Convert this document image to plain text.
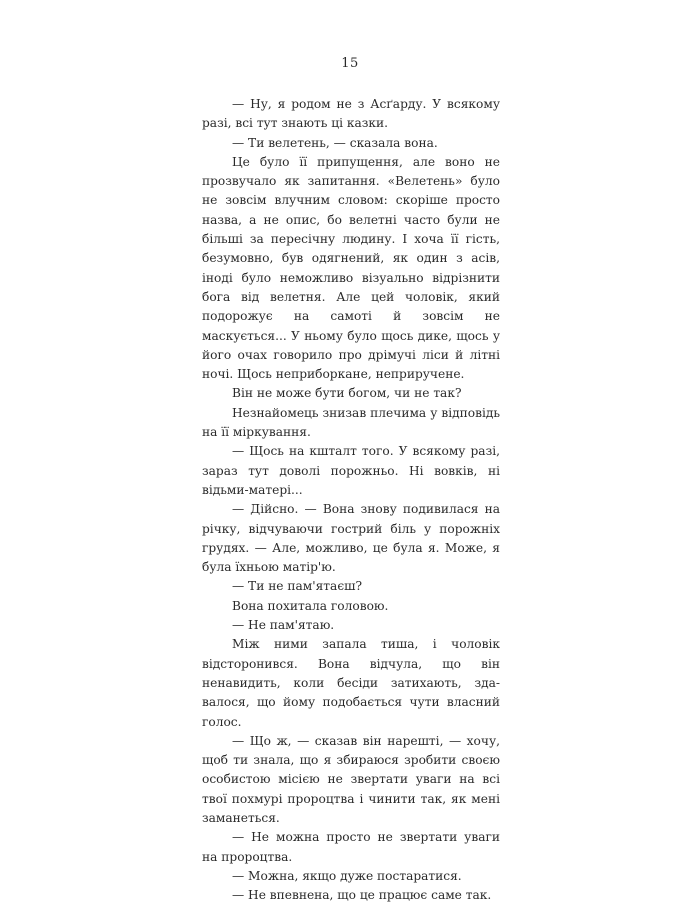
15

— Ну, я родом не з Асґарду. У всякому разі, всі тут знають ці казки.

— Ти велетень, — сказала вона.

Це було її припущення, але воно не прозвучало як запитання. «Велетень» було не зовсім влучним словом: скоріше просто назва, а не опис, бо велетні часто були не більші за пересічну людину. І хоча її гість, безумовно, був одягнений, як один з асів, іноді було неможливо візуально відрізнити бога від велетня. Але цей чоловік, який подорожує на самоті й зовсім не маскується... У ньому було щось дике, щось у його очах говорило про дрімучі ліси й літні ночі. Щось неприборкане, неприручене.

Він не може бути богом, чи не так?

Незнайомець знизав плечима у відповідь на її міркування.

— Щось на кшталт того. У всякому разі, зараз тут доволі порожньо. Ні вовків, ні відьми-матері...

— Дійсно. — Вона знову подивилася на річку, відчуваючи гострий біль у порожніх грудях. — Але, можливо, це була я. Може, я була їхньою матір'ю.

— Ти не пам'ятаєш?

Вона похитала головою.

— Не пам'ятаю.

Між ними запала тиша, і чоловік відсторонився. Вона відчула, що він ненавидить, коли бесіди затихають, здавалося, що йому подобається чути власний голос.

— Що ж, — сказав він нарешті, — хочу, щоб ти знала, що я збираюся зробити своєю особистою місією не звертати уваги на всі твої похмурі пророцтва і чинити так, як мені заманеться.

— Не можна просто не звертати уваги на пророцтва.

— Можна, якщо дуже постаратися.

— Не впевнена, що це працює саме так.
